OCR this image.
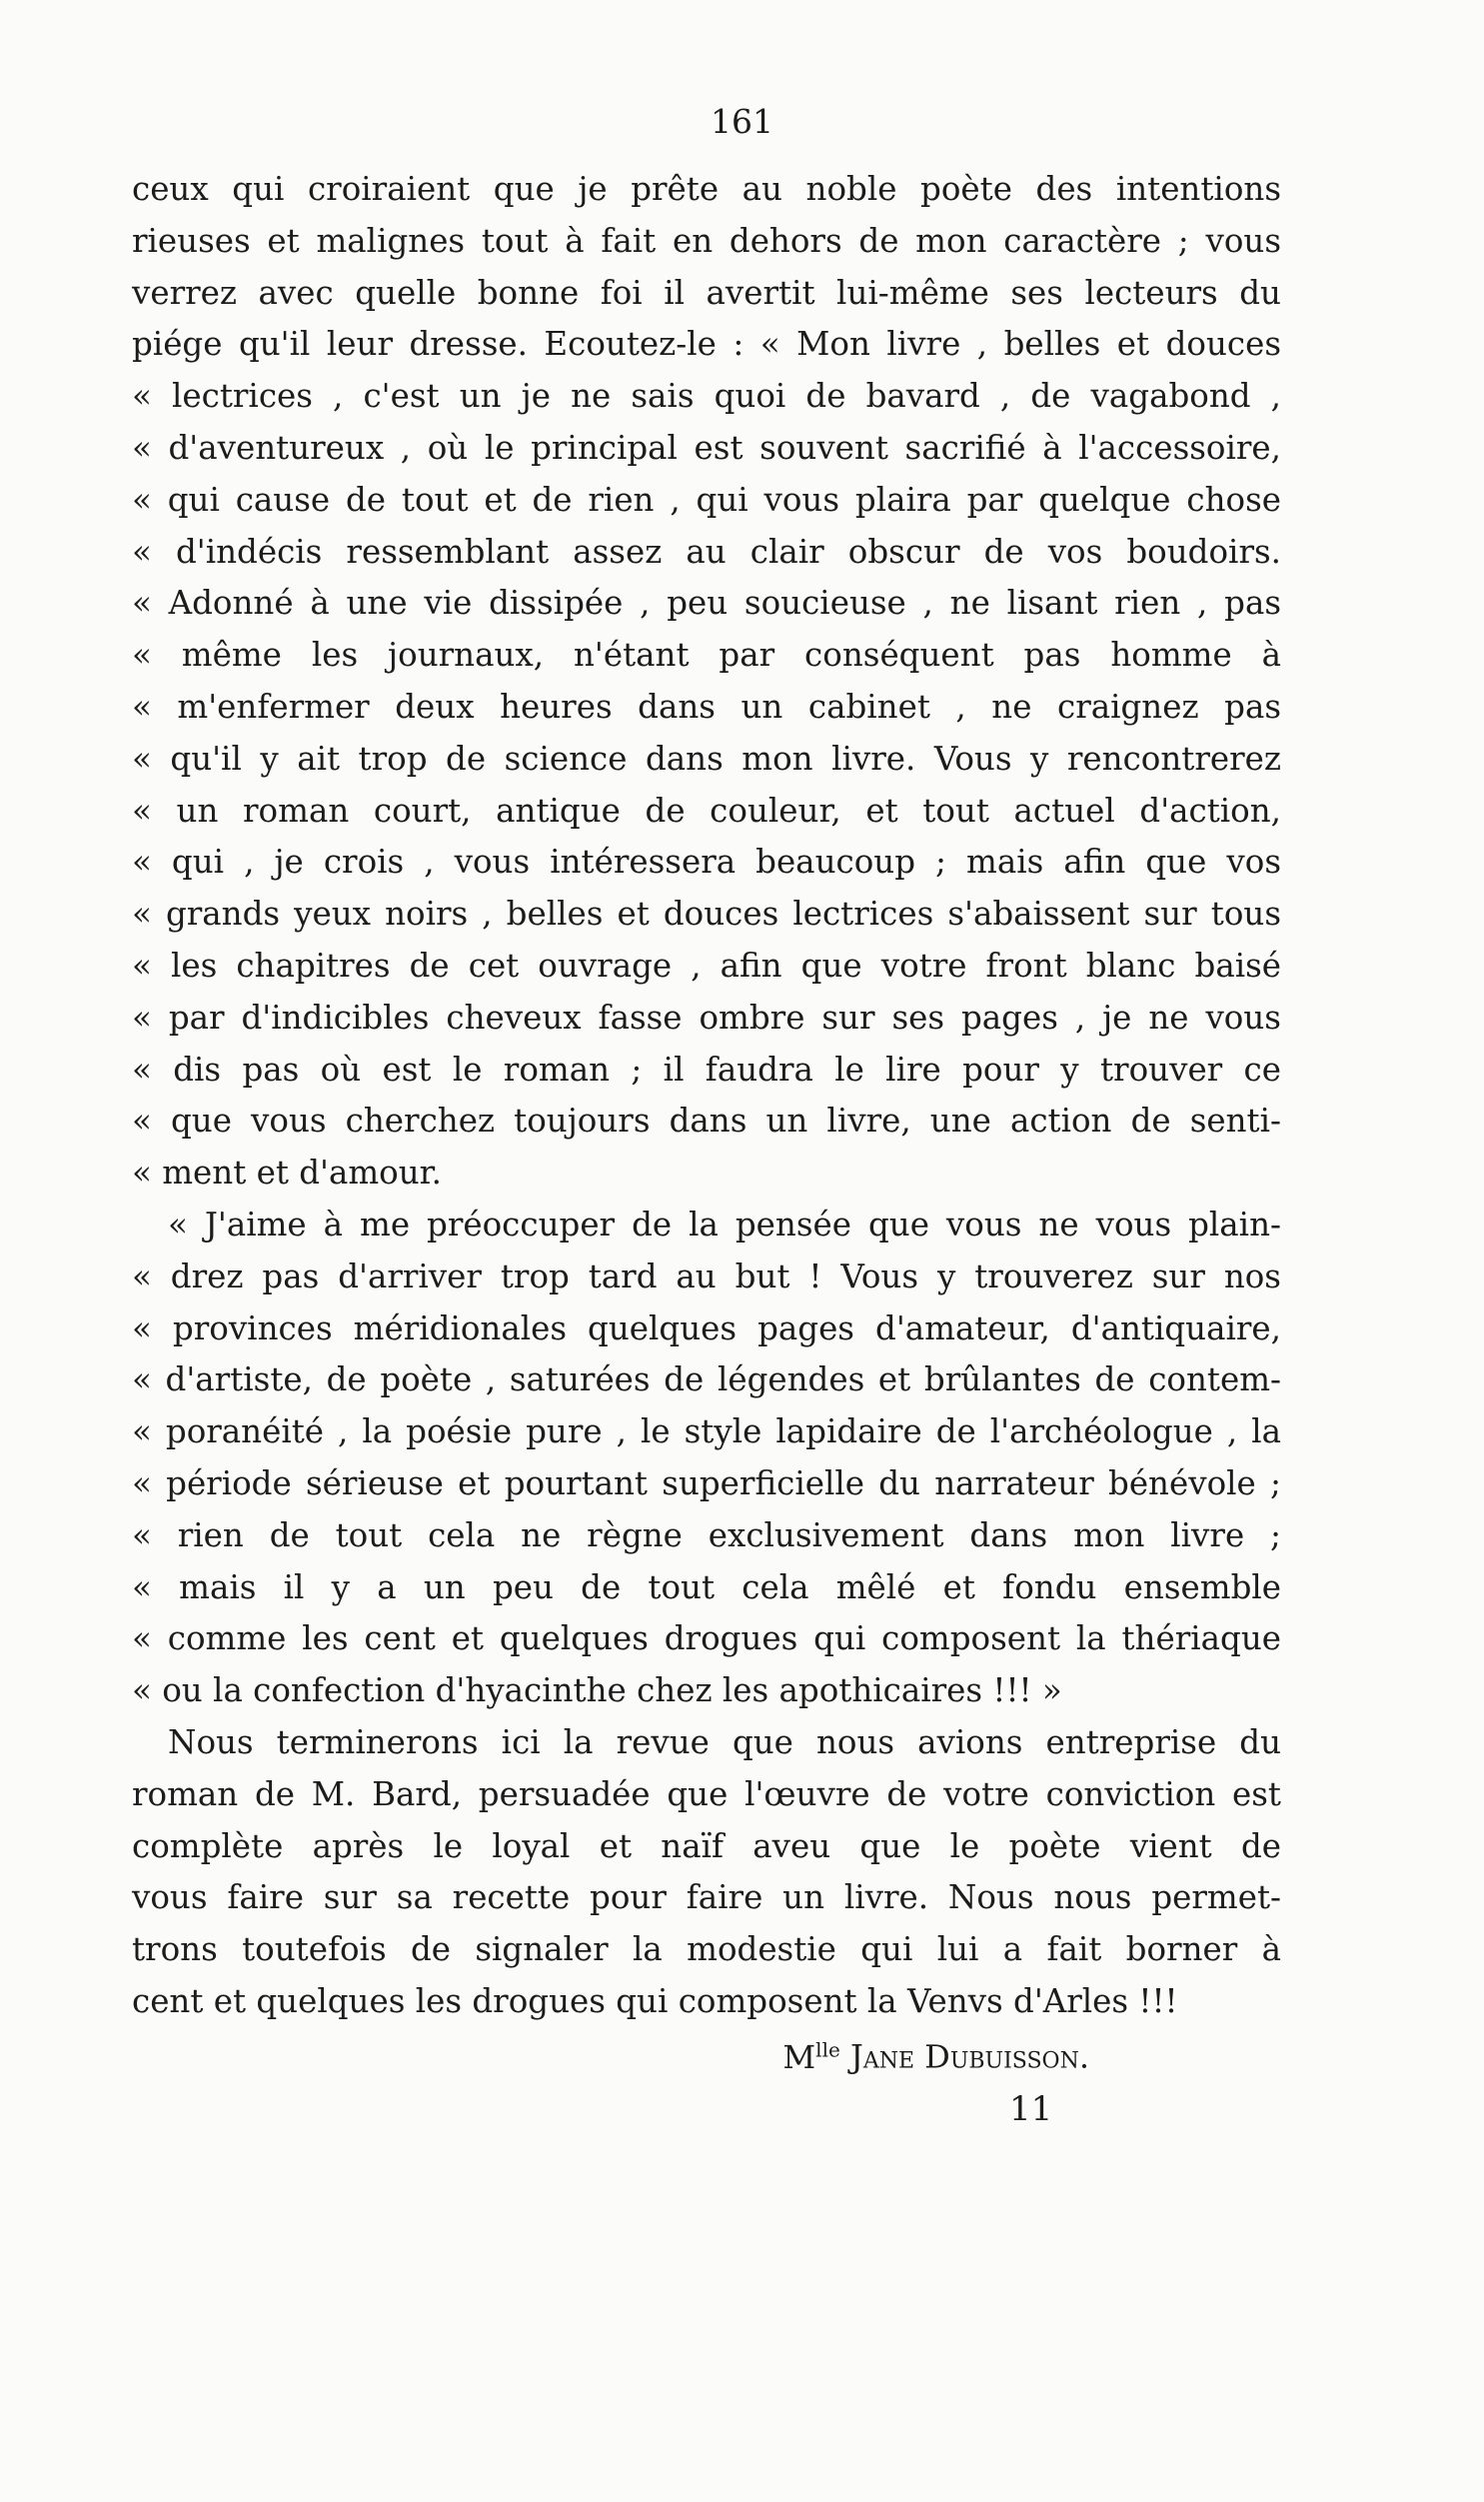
161
ceux qui croiraient que je prête au noble poète des intentions
rieuses et malignes tout à fait en dehors de mon caractère ; vous
verrez avec quelle bonne foi il avertit lui-même ses lecteurs du
piége qu'il leur dresse. Ecoutez-le : « Mon livre , belles et douces
« lectrices , c'est un je ne sais quoi de bavard , de vagabond ,
« d'aventureux , où le principal est souvent sacrifié à l'accessoire,
« qui cause de tout et de rien , qui vous plaira par quelque chose
« d'indécis ressemblant assez au clair obscur de vos boudoirs.
« Adonné à une vie dissipée , peu soucieuse , ne lisant rien , pas
« même les journaux, n'étant par conséquent pas homme à
« m'enfermer deux heures dans un cabinet , ne craignez pas
« qu'il y ait trop de science dans mon livre. Vous y rencontrerez
« un roman court, antique de couleur, et tout actuel d'action,
« qui , je crois , vous intéressera beaucoup ; mais afin que vos
« grands yeux noirs , belles et douces lectrices s'abaissent sur tous
« les chapitres de cet ouvrage , afin que votre front blanc baisé
« par d'indicibles cheveux fasse ombre sur ses pages , je ne vous
« dis pas où est le roman ; il faudra le lire pour y trouver ce
« que vous cherchez toujours dans un livre, une action de senti-
« ment et d'amour.
« J'aime à me préoccuper de la pensée que vous ne vous plain-
« drez pas d'arriver trop tard au but ! Vous y trouverez sur nos
« provinces méridionales quelques pages d'amateur, d'antiquaire,
« d'artiste, de poète , saturées de légendes et brûlantes de contem-
« poranéité , la poésie pure , le style lapidaire de l'archéologue , la
« période sérieuse et pourtant superficielle du narrateur bénévole ;
« rien de tout cela ne règne exclusivement dans mon livre ;
« mais il y a un peu de tout cela mêlé et fondu ensemble
« comme les cent et quelques drogues qui composent la thériaque
« ou la confection d'hyacinthe chez les apothicaires !!! »
Nous terminerons ici la revue que nous avions entreprise du
roman de M. Bard, persuadée que l'œuvre de votre conviction est
complète après le loyal et naïf aveu que le poète vient de
vous faire sur sa recette pour faire un livre. Nous nous permet-
trons toutefois de signaler la modestie qui lui a fait borner à
cent et quelques les drogues qui composent la Venvs d'Arles !!!
$M^{lle}$ Jane Dubuisson.
11
